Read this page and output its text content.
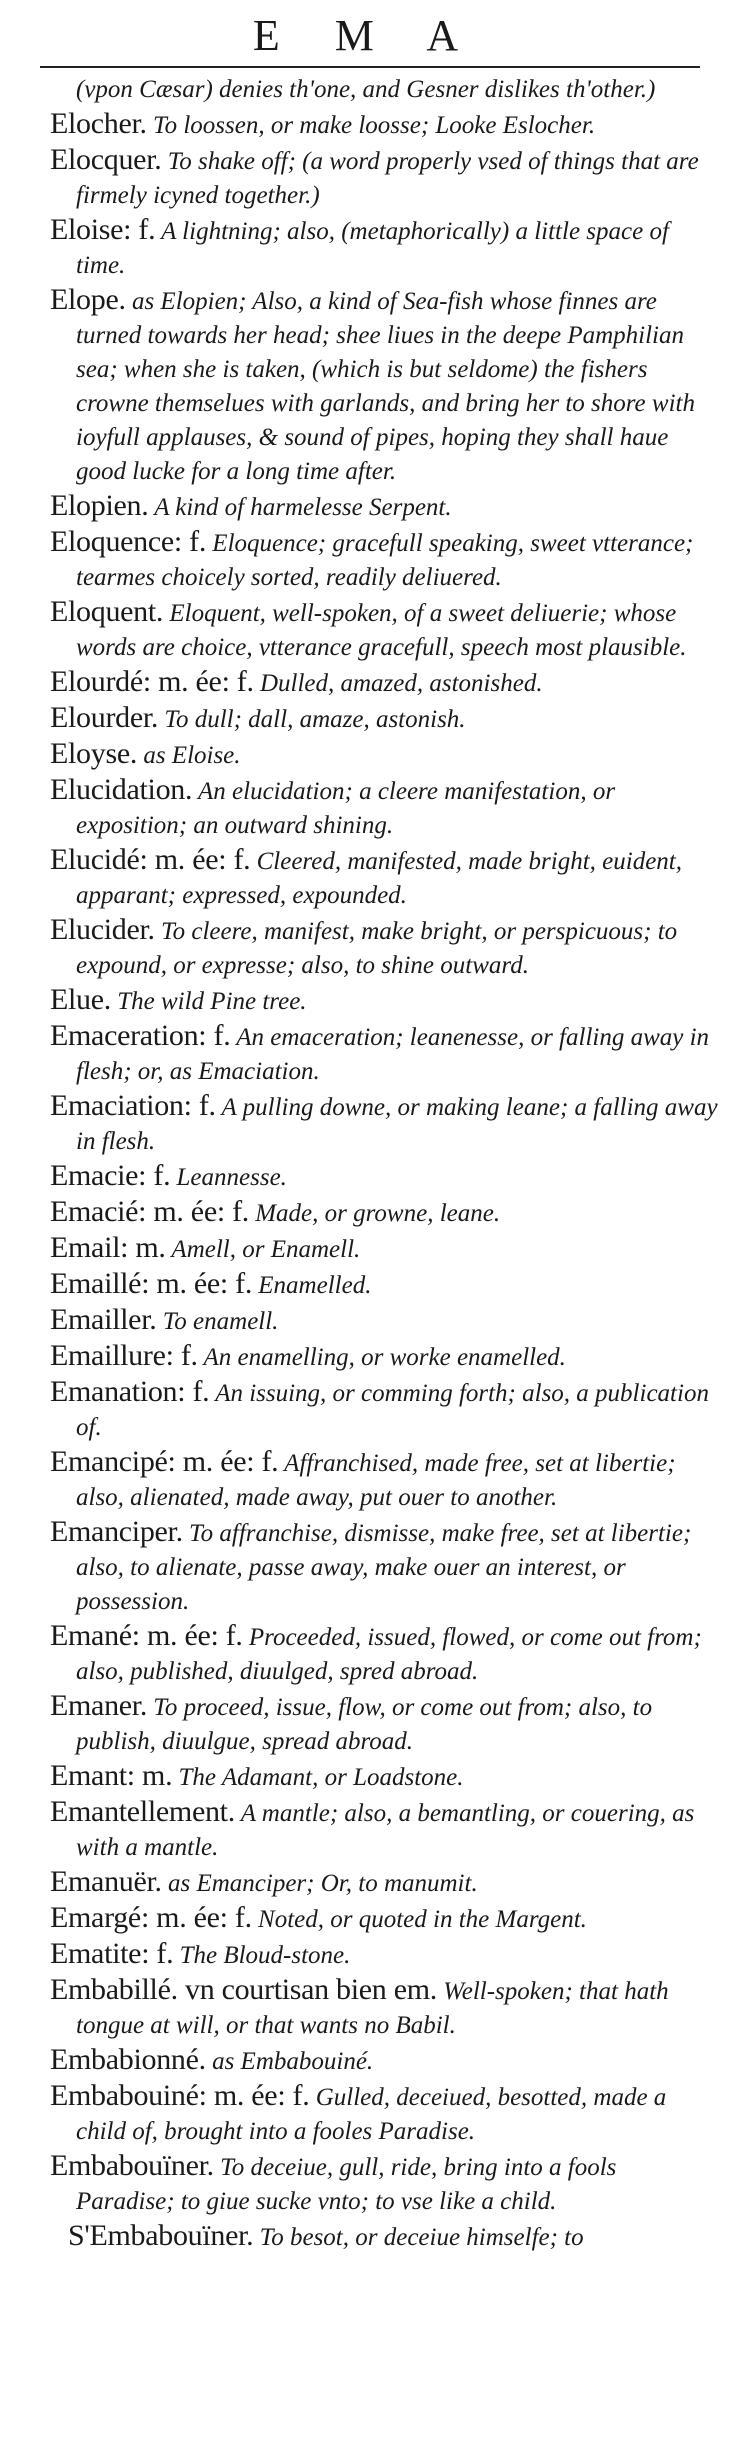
E M A

(vpon Cæsar) denies th'one, and Gesner dislikes th'other.)

Elocher. To loossen, or make loosse; Looke Eslocher.

Elocquer. To shake off; (a word properly vsed of things that are firmely icyned together.)

Eloise: f. A lightning; also, (metaphorically) a little space of time.

Elope. as Elopien; Also, a kind of Sea-fish whose finnes are turned towards her head; shee liues in the deepe Pamphilian sea; when she is taken, (which is but seldome) the fishers crowne themselues with garlands, and bring her to shore with ioyfull applauses, & sound of pipes, hoping they shall haue good lucke for a long time after.

Elopien. A kind of harmelesse Serpent.

Eloquence: f. Eloquence; gracefull speaking, sweet vtterance; tearmes choicely sorted, readily deliuered.

Eloquent. Eloquent, well-spoken, of a sweet deliuerie; whose words are choice, vtterance gracefull, speech most plausible.

Elourdé: m. ée: f. Dulled, amazed, astonished.

Elourder. To dull; dall, amaze, astonish.

Eloyse. as Eloise.

Elucidation. An elucidation; a cleere manifestation, or exposition; an outward shining.

Elucidé: m. ée: f. Cleered, manifested, made bright, euident, apparant; expressed, expounded.

Elucider. To cleere, manifest, make bright, or perspicuous; to expound, or expresse; also, to shine outward.

Elue. The wild Pine tree.

Emaceration: f. An emaceration; leanenesse, or falling away in flesh; or, as Emaciation.

Emaciation: f. A pulling downe, or making leane; a falling away in flesh.

Emacie: f. Leannesse.

Emacié: m. ée: f. Made, or growne, leane.

Email: m. Amell, or Enamell.

Emaillé: m. ée: f. Enamelled.

Emailler. To enamell.

Emaillure: f. An enamelling, or worke enamelled.

Emanation: f. An issuing, or comming forth; also, a publication of.

Emancipé: m. ée: f. Affranchised, made free, set at libertie; also, alienated, made away, put ouer to another.

Emanciper. To affranchise, dismisse, make free, set at libertie; also, to alienate, passe away, make ouer an interest, or possession.

Emané: m. ée: f. Proceeded, issued, flowed, or come out from; also, published, diuulged, spred abroad.

Emaner. To proceed, issue, flow, or come out from; also, to publish, diuulgue, spread abroad.

Emant: m. The Adamant, or Loadstone.

Emantellement. A mantle; also, a bemantling, or couering, as with a mantle.

Emanuër. as Emanciper; Or, to manumit.

Emargé: m. ée: f. Noted, or quoted in the Margent.

Ematite: f. The Bloud-stone.

Embabillé. vn courtisan bien em. Well-spoken; that hath tongue at will, or that wants no Babil.

Embabionné. as Embabouiné.

Embabouiné: m. ée: f. Gulled, deceiued, besotted, made a child of, brought into a fooles Paradise.

Embabouïner. To deceiue, gull, ride, bring into a fools Paradise; to giue sucke vnto; to vse like a child.

S'Embabouïner. To besot, or deceiue himselfe; to
